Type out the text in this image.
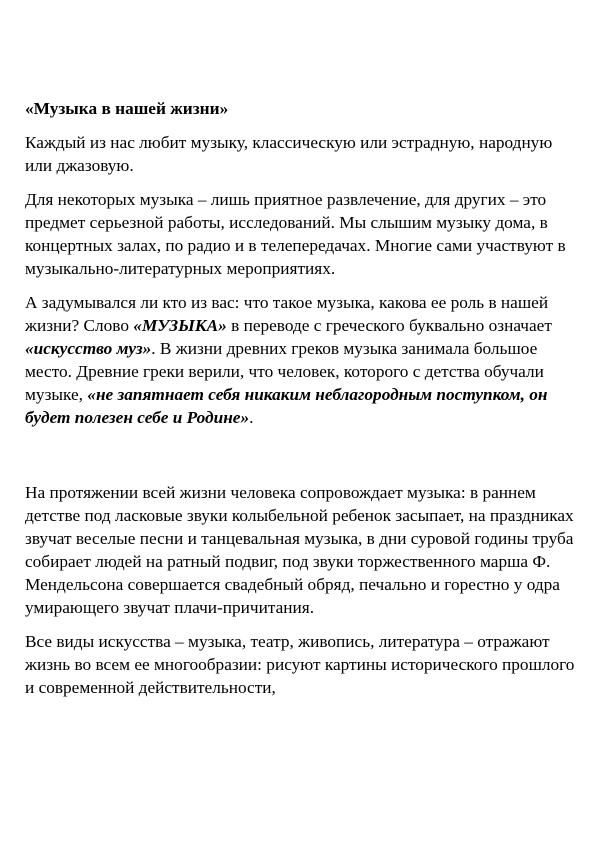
«Музыка в нашей жизни»

Каждый из нас любит музыку, классическую или эстрадную, народную или джазовую.

Для некоторых музыка – лишь приятное развлечение, для других – это предмет серьезной работы, исследований. Мы слышим музыку дома, в концертных залах, по радио и в телепередачах. Многие сами участвуют в музыкально-литературных мероприятиях.

А задумывался ли кто из вас: что такое музыка, какова ее роль в нашей жизни? Слово «МУЗЫКА» в переводе с греческого буквально означает «искусство муз». В жизни древних греков музыка занимала большое место. Древние греки верили, что человек, которого с детства обучали музыке, «не запятнает себя никаким неблагородным поступком, он будет полезен себе и Родине».

На протяжении всей жизни человека сопровождает музыка: в раннем детстве под ласковые звуки колыбельной ребенок засыпает, на праздниках звучат веселые песни и танцевальная музыка, в дни суровой годины труба собирает людей на ратный подвиг, под звуки торжественного марша Ф. Мендельсона совершается свадебный обряд, печально и горестно у одра умирающего звучат плачи-причитания.

Все виды искусства – музыка, театр, живопись, литература – отражают жизнь во всем ее многообразии: рисуют картины исторического прошлого и современной действительности,
